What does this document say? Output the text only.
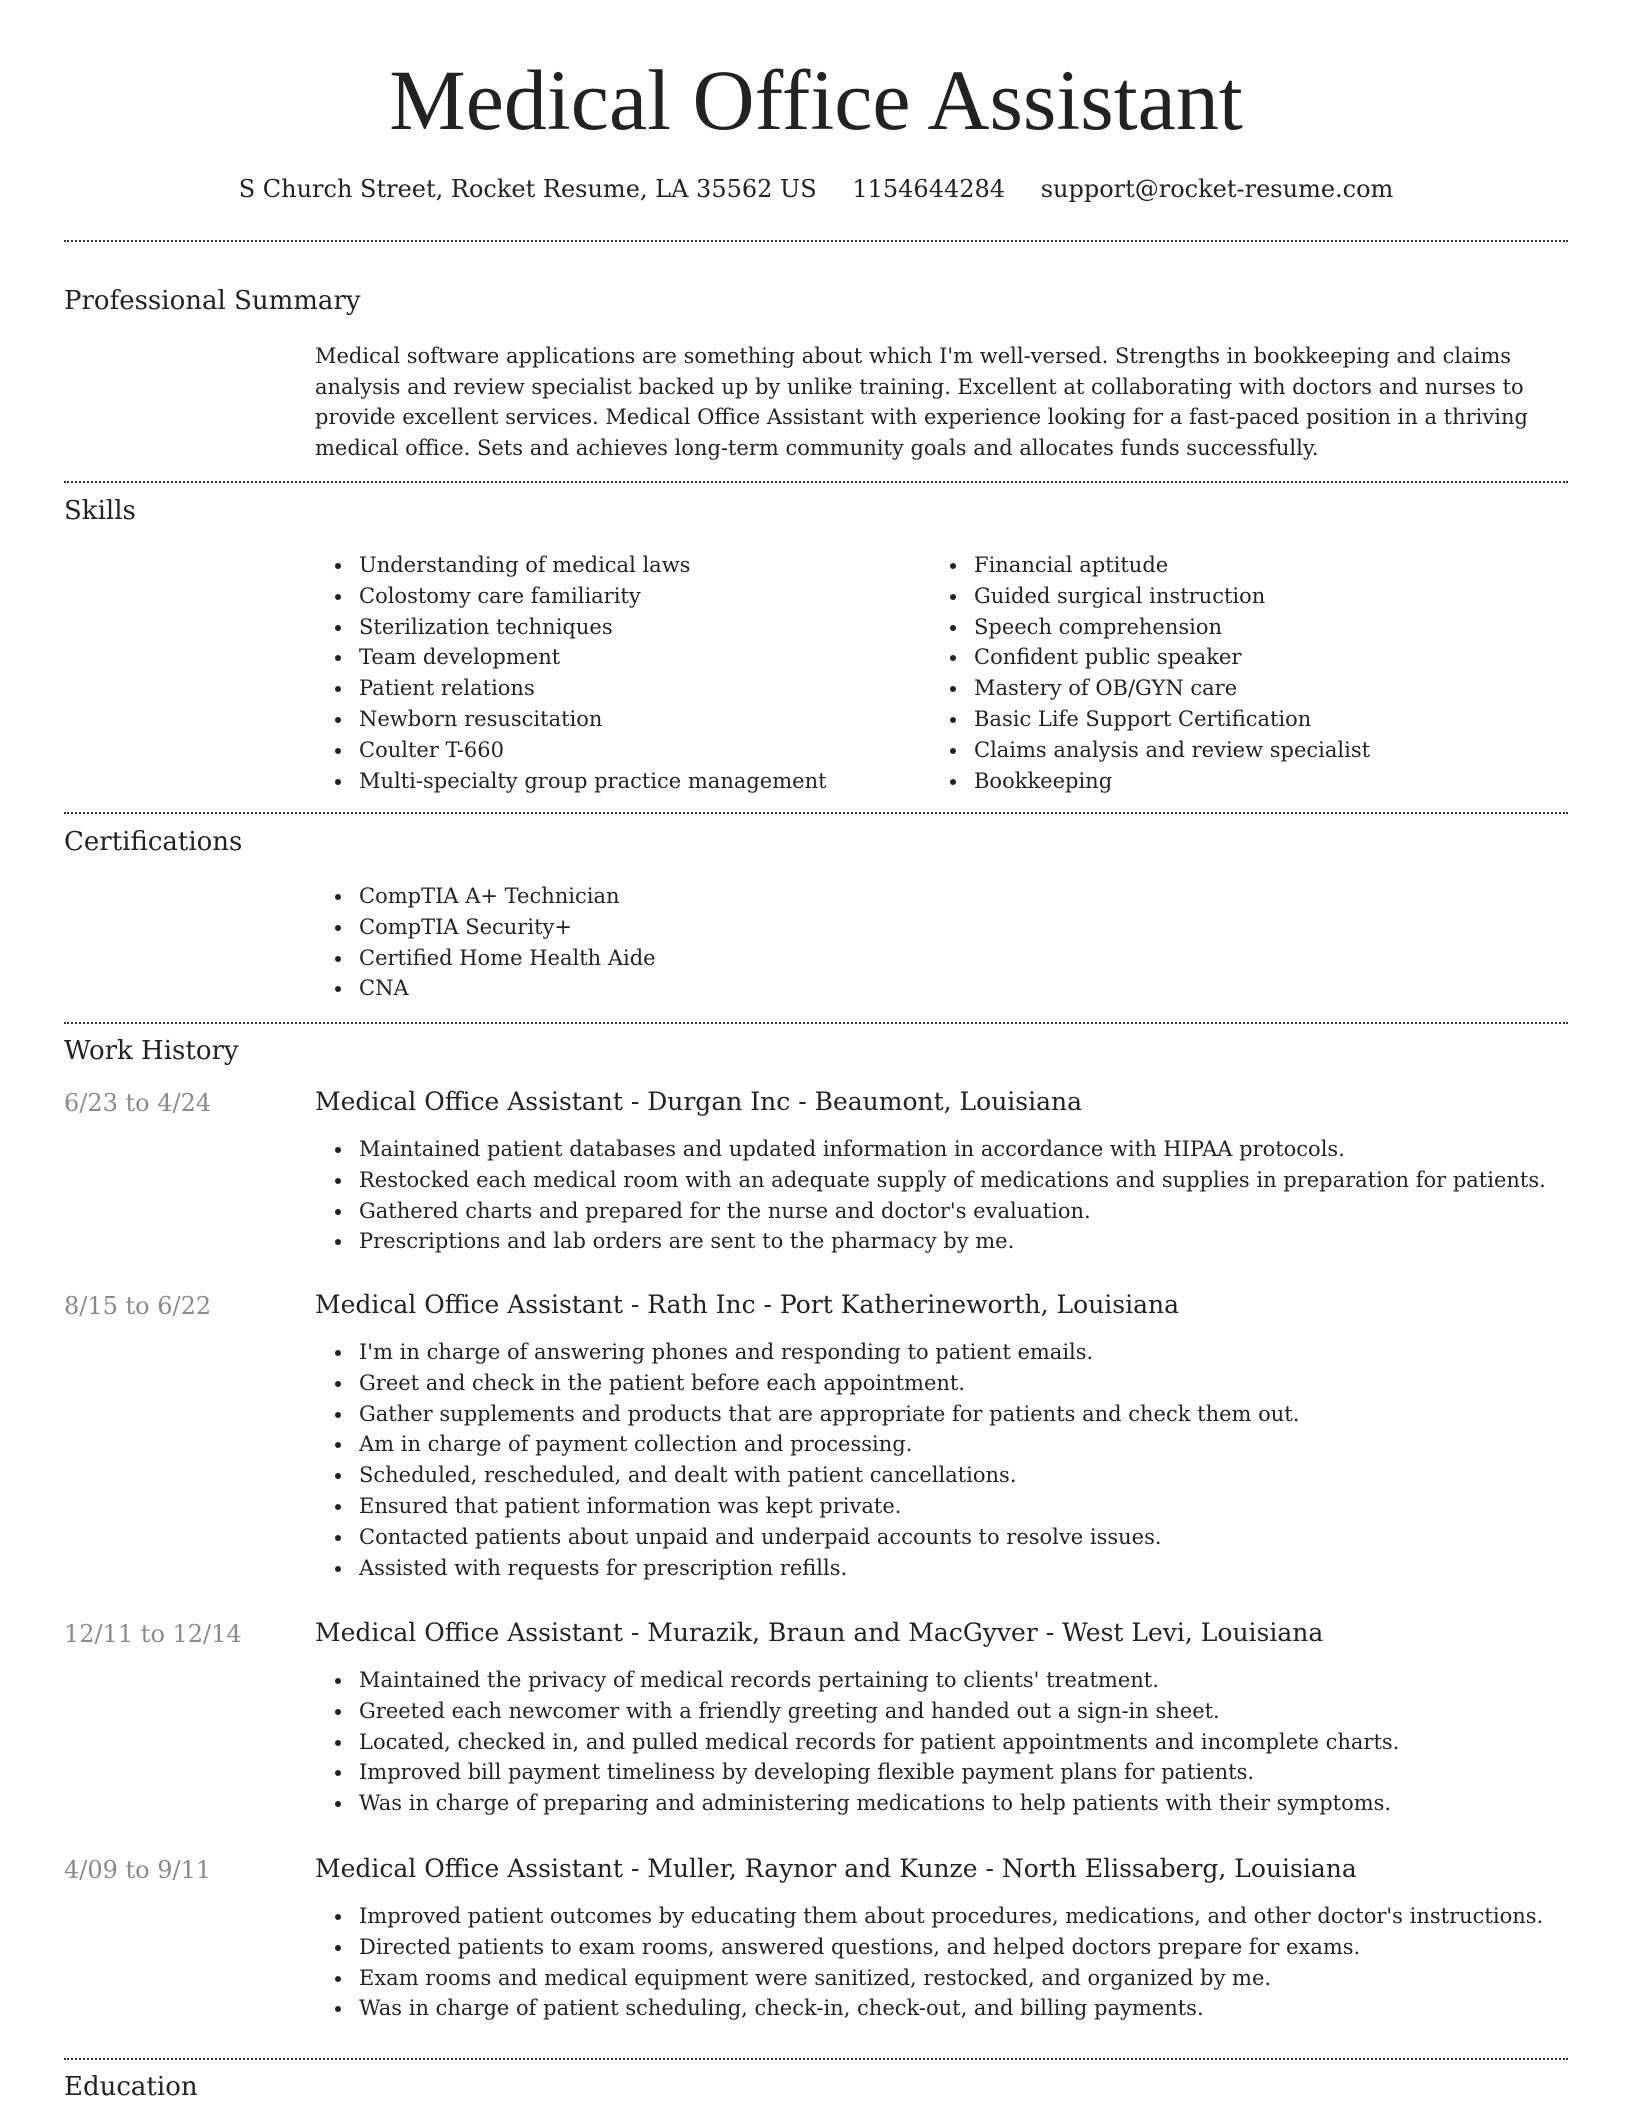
Medical Office Assistant
S Church Street, Rocket Resume, LA 35562 US 1154644284 support@rocket-resume.com
Professional Summary
Medical software applications are something about which I'm well-versed. Strengths in bookkeeping and claims analysis and review specialist backed up by unlike training. Excellent at collaborating with doctors and nurses to provide excellent services. Medical Office Assistant with experience looking for a fast-paced position in a thriving medical office. Sets and achieves long-term community goals and allocates funds successfully.
Skills
Understanding of medical laws
Colostomy care familiarity
Sterilization techniques
Team development
Patient relations
Newborn resuscitation
Coulter T-660
Multi-specialty group practice management
Financial aptitude
Guided surgical instruction
Speech comprehension
Confident public speaker
Mastery of OB/GYN care
Basic Life Support Certification
Claims analysis and review specialist
Bookkeeping
Certifications
CompTIA A+ Technician
CompTIA Security+
Certified Home Health Aide
CNA
Work History
Education
6/23 to 4/24	Medical Office Assistant - Durgan Inc - Beaumont, Louisiana
Maintained patient databases and updated information in accordance with HIPAA protocols.
Restocked each medical room with an adequate supply of medications and supplies in preparation for patients.
Gathered charts and prepared for the nurse and doctor's evaluation.
Prescriptions and lab orders are sent to the pharmacy by me.
8/15 to 6/22	Medical Office Assistant - Rath Inc - Port Katherineworth, Louisiana
I'm in charge of answering phones and responding to patient emails.
Greet and check in the patient before each appointment.
Gather supplements and products that are appropriate for patients and check them out.
Am in charge of payment collection and processing.
Scheduled, rescheduled, and dealt with patient cancellations.
Ensured that patient information was kept private.
Contacted patients about unpaid and underpaid accounts to resolve issues.
Assisted with requests for prescription refills.
12/11 to 12/14	Medical Office Assistant - Murazik, Braun and MacGyver - West Levi, Louisiana
Maintained the privacy of medical records pertaining to clients' treatment.
Greeted each newcomer with a friendly greeting and handed out a sign-in sheet.
Located, checked in, and pulled medical records for patient appointments and incomplete charts.
Improved bill payment timeliness by developing flexible payment plans for patients.
Was in charge of preparing and administering medications to help patients with their symptoms.
4/09 to 9/11	Medical Office Assistant - Muller, Raynor and Kunze - North Elissaberg, Louisiana
Improved patient outcomes by educating them about procedures, medications, and other doctor's instructions.
Directed patients to exam rooms, answered questions, and helped doctors prepare for exams.
Exam rooms and medical equipment were sanitized, restocked, and organized by me.
Was in charge of patient scheduling, check-in, check-out, and billing payments.
